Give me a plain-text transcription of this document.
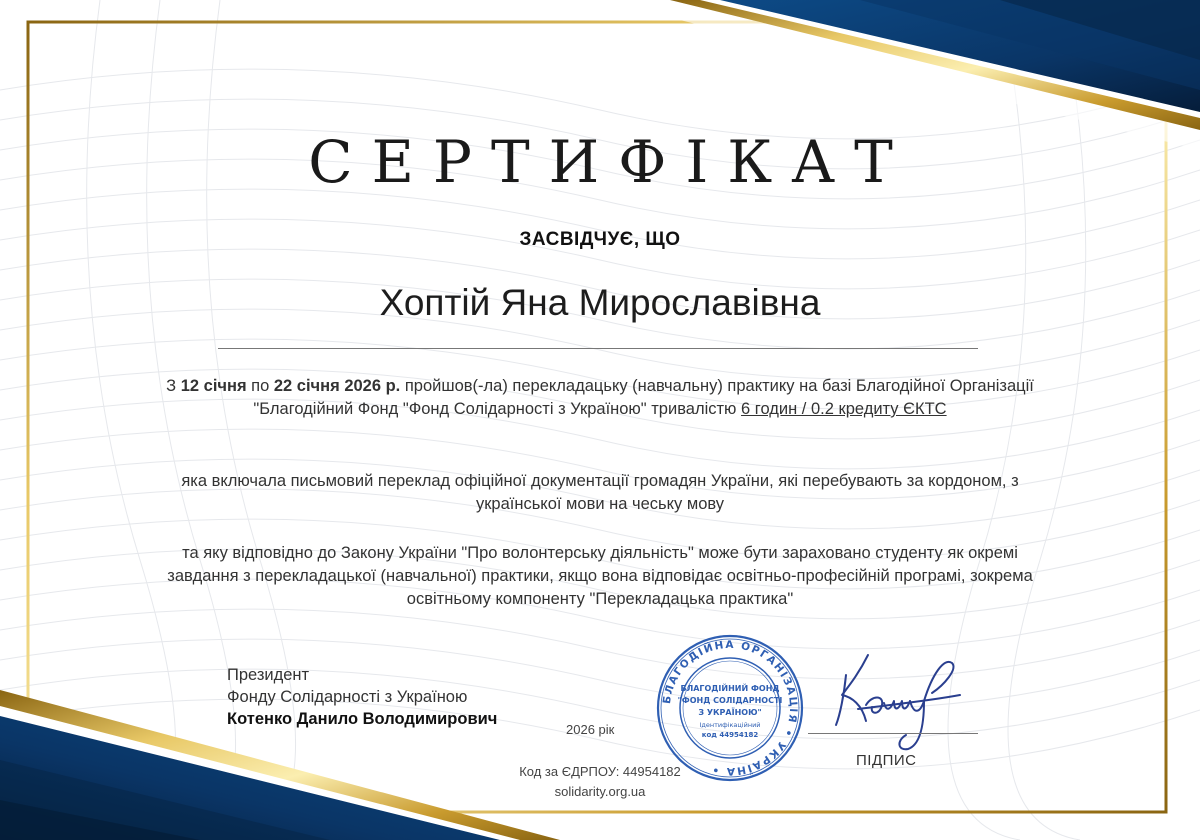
СЕРТИФІКАТ
ЗАСВІДЧУЄ, ЩО
Хоптій Яна Мирославівна
З 12 січня по 22 січня 2026 р. пройшов(-ла) перекладацьку (навчальну) практику на базі Благодійної Організації "Благодійний Фонд "Фонд Солідарності з Україною" тривалістю 6 годин / 0.2 кредиту ЄКТС
яка включала письмовий переклад офіційної документації громадян України, які перебувають за кордоном, з української мови на чеську мову
та яку відповідно до Закону України "Про волонтерську діяльність" може бути зараховано студенту як окремі завдання з перекладацької (навчальної) практики, якщо вона відповідає освітньо-професійній програмі, зокрема освітньому компоненту "Перекладацька практика"
Президент
Фонду Солідарності з Україною
Котенко Данило Володимирович
2026 рік
Код за ЄДРПОУ: 44954182
solidarity.org.ua
БЛАГОДІЙНА ОРГАНІЗАЦІЯ • УКРАЇНА •
БЛАГОДІЙНИЙ ФОНД
"ФОНД СОЛІДАРНОСТІ
З УКРАЇНОЮ"
Ідентифікаційний
код 44954182
ПІДПИС
